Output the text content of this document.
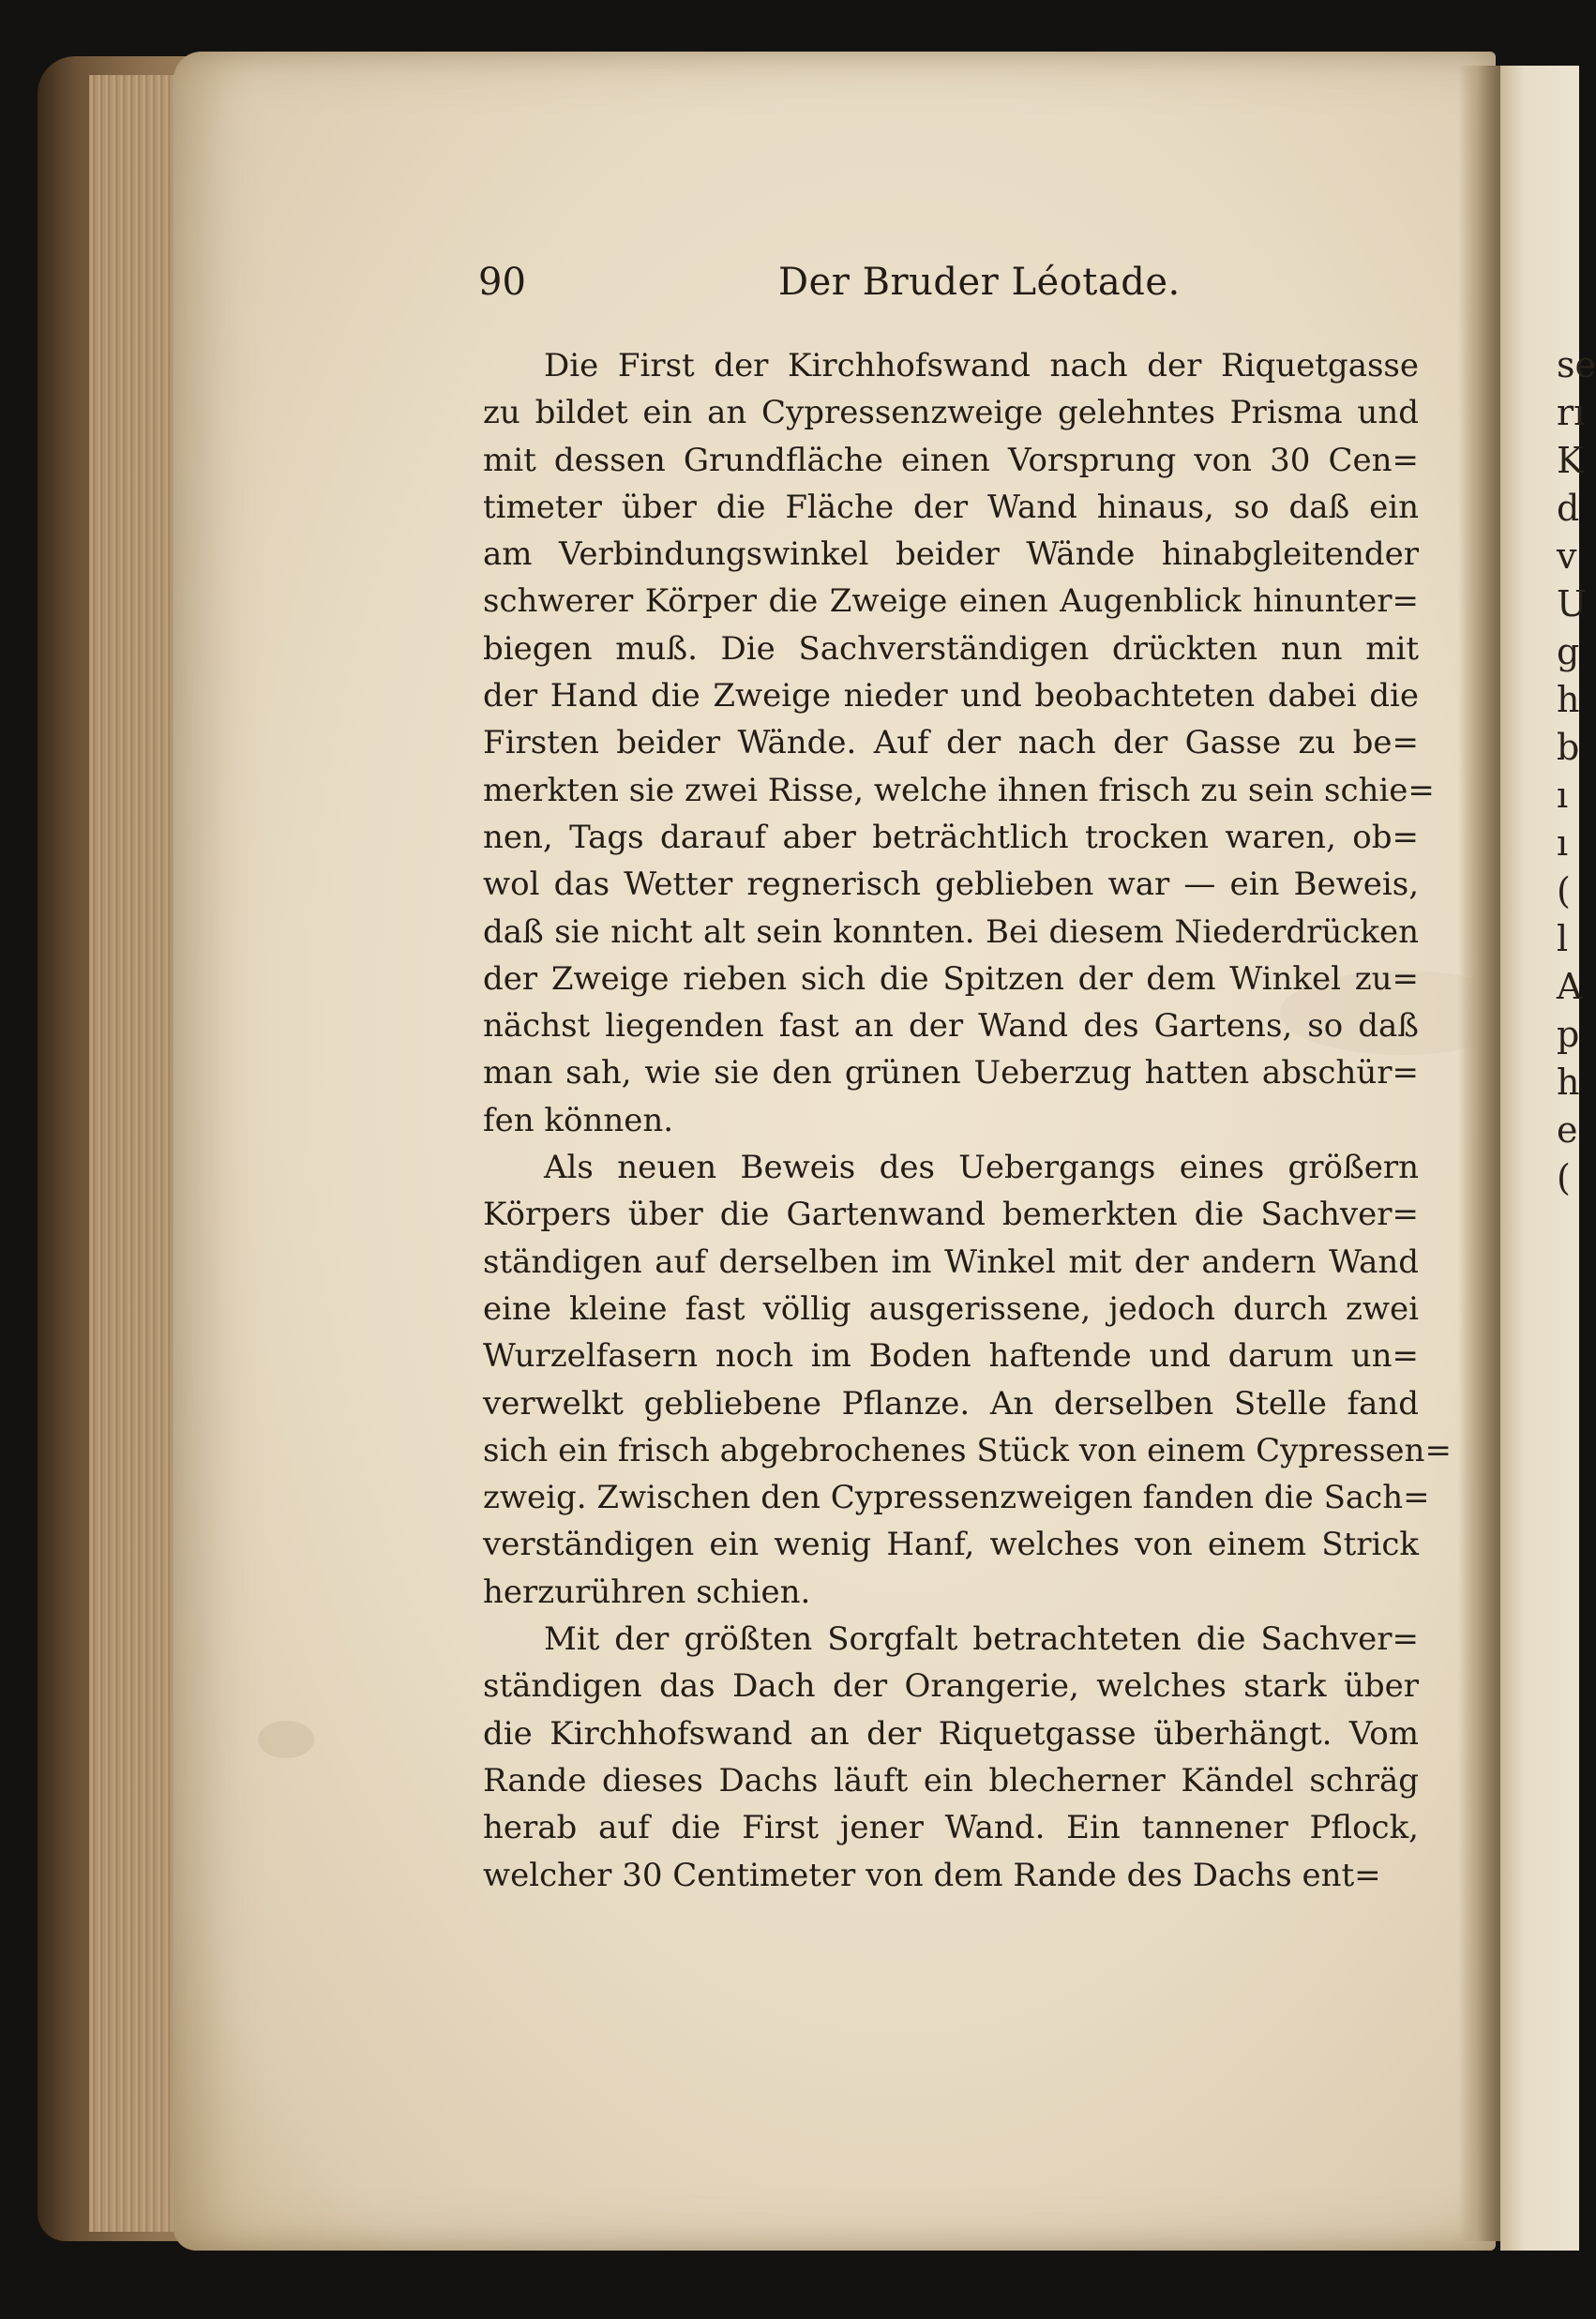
se
rı
K
d
v
U
g
h
b
ı
ı
(
l
A
p
h
e
(
90	Der Bruder Léotade.
Die First der Kirchhofswand nach der Riquetgasse
zu bildet ein an Cypressenzweige gelehntes Prisma und
mit dessen Grundfläche einen Vorsprung von 30 Cen=
timeter über die Fläche der Wand hinaus, so daß ein
am Verbindungswinkel beider Wände hinabgleitender
schwerer Körper die Zweige einen Augenblick hinunter=
biegen muß. Die Sachverständigen drückten nun mit
der Hand die Zweige nieder und beobachteten dabei die
Firsten beider Wände. Auf der nach der Gasse zu be=
merkten sie zwei Risse, welche ihnen frisch zu sein schie=
nen, Tags darauf aber beträchtlich trocken waren, ob=
wol das Wetter regnerisch geblieben war — ein Beweis,
daß sie nicht alt sein konnten. Bei diesem Niederdrücken
der Zweige rieben sich die Spitzen der dem Winkel zu=
nächst liegenden fast an der Wand des Gartens, so daß
man sah, wie sie den grünen Ueberzug hatten abschür=
fen können.
Als neuen Beweis des Uebergangs eines größern
Körpers über die Gartenwand bemerkten die Sachver=
ständigen auf derselben im Winkel mit der andern Wand
eine kleine fast völlig ausgerissene, jedoch durch zwei
Wurzelfasern noch im Boden haftende und darum un=
verwelkt gebliebene Pflanze. An derselben Stelle fand
sich ein frisch abgebrochenes Stück von einem Cypressen=
zweig. Zwischen den Cypressenzweigen fanden die Sach=
verständigen ein wenig Hanf, welches von einem Strick
herzurühren schien.
Mit der größten Sorgfalt betrachteten die Sachver=
ständigen das Dach der Orangerie, welches stark über
die Kirchhofswand an der Riquetgasse überhängt. Vom
Rande dieses Dachs läuft ein blecherner Kändel schräg
herab auf die First jener Wand. Ein tannener Pflock,
welcher 30 Centimeter von dem Rande des Dachs ent=
